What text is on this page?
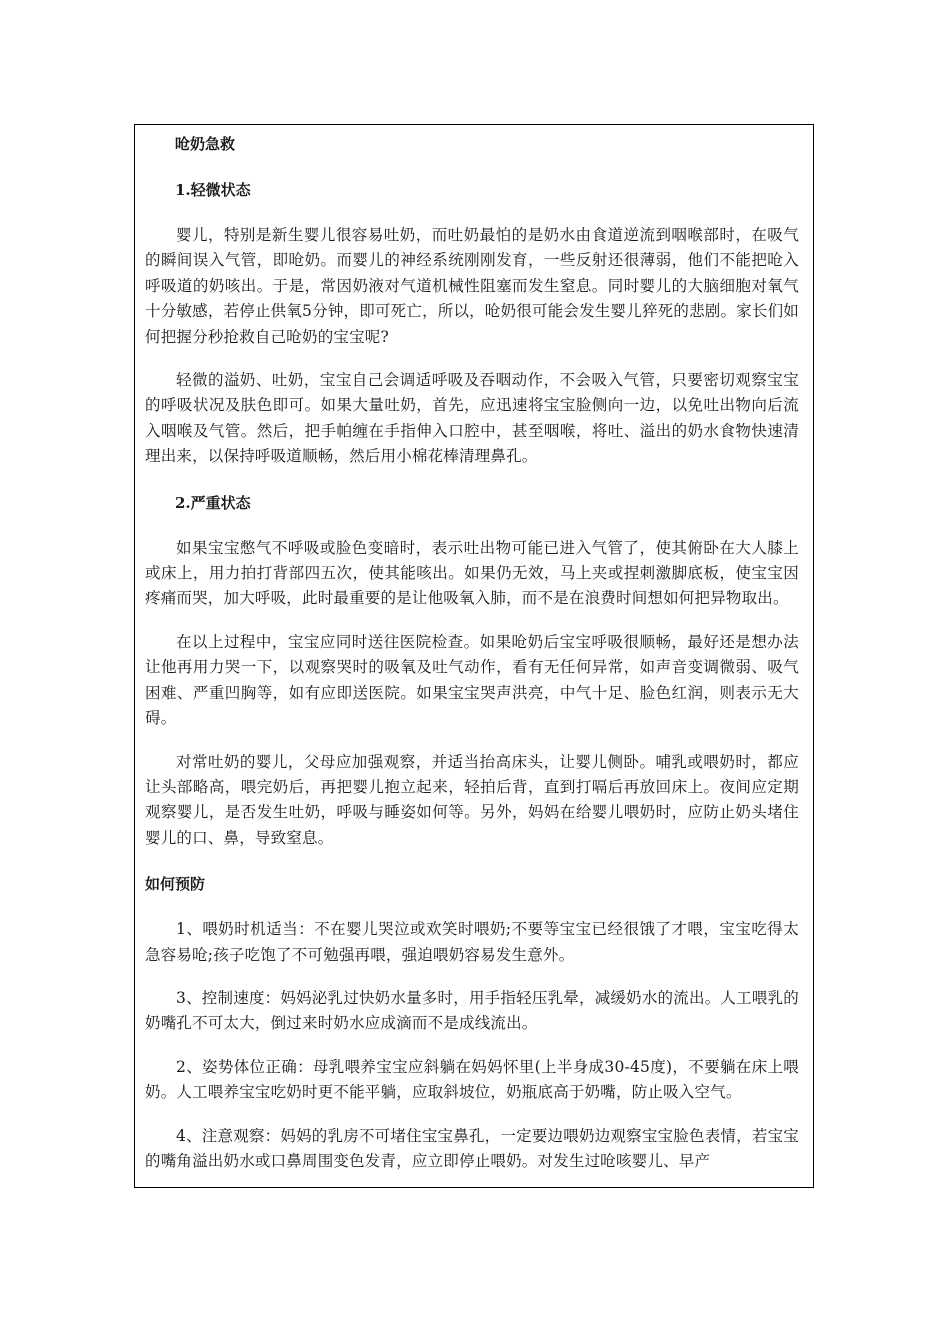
呛奶急救
1.轻微状态

婴儿，特别是新生婴儿很容易吐奶，而吐奶最怕的是奶水由食道逆流到咽喉部时，在吸气的瞬间误入气管，即呛奶。而婴儿的神经系统刚刚发育，一些反射还很薄弱，他们不能把呛入呼吸道的奶咳出。于是，常因奶液对气道机械性阻塞而发生窒息。同时婴儿的大脑细胞对氧气十分敏感，若停止供氧5分钟，即可死亡，所以，呛奶很可能会发生婴儿猝死的悲剧。家长们如何把握分秒抢救自己呛奶的宝宝呢?

轻微的溢奶、吐奶，宝宝自己会调适呼吸及吞咽动作，不会吸入气管，只要密切观察宝宝的呼吸状况及肤色即可。如果大量吐奶，首先，应迅速将宝宝脸侧向一边，以免吐出物向后流入咽喉及气管。然后，把手帕缠在手指伸入口腔中，甚至咽喉，将吐、溢出的奶水食物快速清理出来，以保持呼吸道顺畅，然后用小棉花棒清理鼻孔。

2.严重状态

如果宝宝憋气不呼吸或脸色变暗时，表示吐出物可能已进入气管了，使其俯卧在大人膝上或床上，用力拍打背部四五次，使其能咳出。如果仍无效，马上夹或捏刺激脚底板，使宝宝因疼痛而哭，加大呼吸，此时最重要的是让他吸氧入肺，而不是在浪费时间想如何把异物取出。

在以上过程中，宝宝应同时送往医院检查。如果呛奶后宝宝呼吸很顺畅，最好还是想办法让他再用力哭一下，以观察哭时的吸氧及吐气动作，看有无任何异常，如声音变调微弱、吸气困难、严重凹胸等，如有应即送医院。如果宝宝哭声洪亮，中气十足、脸色红润，则表示无大碍。

对常吐奶的婴儿，父母应加强观察，并适当抬高床头，让婴儿侧卧。哺乳或喂奶时，都应让头部略高，喂完奶后，再把婴儿抱立起来，轻拍后背，直到打嗝后再放回床上。夜间应定期观察婴儿，是否发生吐奶，呼吸与睡姿如何等。另外，妈妈在给婴儿喂奶时，应防止奶头堵住婴儿的口、鼻，导致窒息。

如何预防

1、喂奶时机适当：不在婴儿哭泣或欢笑时喂奶;不要等宝宝已经很饿了才喂，宝宝吃得太急容易呛;孩子吃饱了不可勉强再喂，强迫喂奶容易发生意外。

3、控制速度：妈妈泌乳过快奶水量多时，用手指轻压乳晕，减缓奶水的流出。人工喂乳的奶嘴孔不可太大，倒过来时奶水应成滴而不是成线流出。

2、姿势体位正确：母乳喂养宝宝应斜躺在妈妈怀里(上半身成30-45度)，不要躺在床上喂奶。人工喂养宝宝吃奶时更不能平躺，应取斜坡位，奶瓶底高于奶嘴，防止吸入空气。

4、注意观察：妈妈的乳房不可堵住宝宝鼻孔，一定要边喂奶边观察宝宝脸色表情，若宝宝的嘴角溢出奶水或口鼻周围变色发青，应立即停止喂奶。对发生过呛咳婴儿、早产
